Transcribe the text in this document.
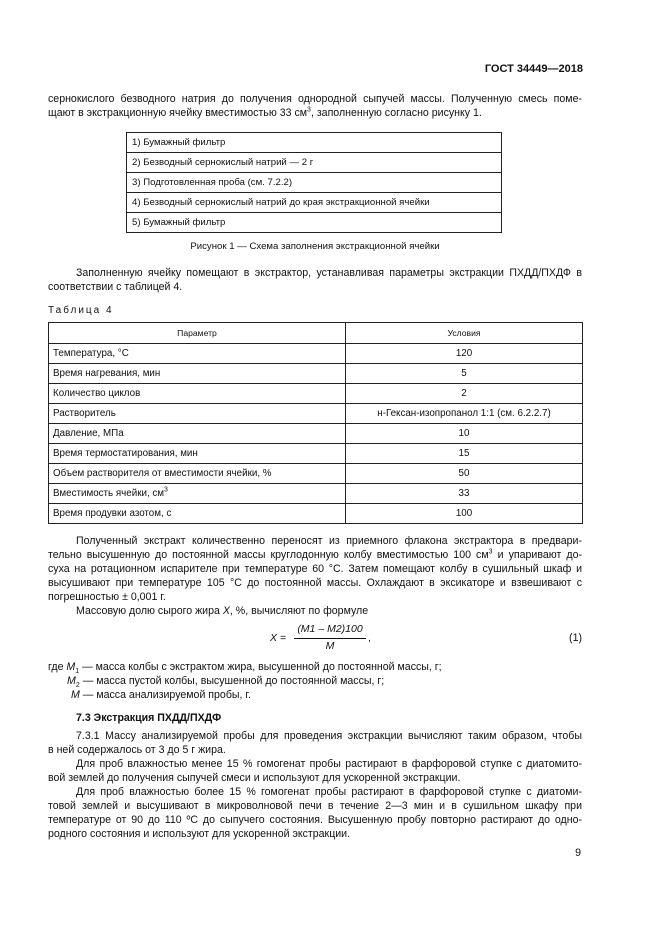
ГОСТ 34449—2018
сернокислого безводного натрия до получения однородной сыпучей массы. Полученную смесь поме-
щают в экстракционную ячейку вместимостью 33 $см^3$, заполненную согласно рисунку 1.
1) Бумажный фильтр
2) Безводный сернокислый натрий — 2 г
3) Подготовленная проба (см. 7.2.2)
4) Безводный сернокислый натрий до края экстракционной ячейки
5) Бумажный фильтр
Рисунок 1 — Схема заполнения экстракционной ячейки
Заполненную ячейку помещают в экстрактор, устанавливая параметры экстракции ПХДД/ПХДФ в
соответствии с таблицей 4.
Таблица 4
Параметр	Условия
Температура, °С	120
Время нагревания, мин	5
Количество циклов	2
Растворитель	н-Гексан-изопропанол 1:1 (см. 6.2.2.7)
Давление, МПа	10
Время термостатирования, мин	15
Объем растворителя от вместимости ячейки, %	50
Вместимость ячейки, $см^3$	33
Время продувки азотом, с	100
Полученный экстракт количественно переносят из приемного флакона экстрактора в предвари-
тельно высушенную до постоянной массы круглодонную колбу вместимостью 100 $см^3$ и упаривают до-
суха на ротационном испарителе при температуре 60 °С. Затем помещают колбу в сушильный шкаф и
высушивают при температуре 105 °С до постоянной массы. Охлаждают в эксикаторе и взвешивают с
погрешностью ± 0,001 г.
Массовую долю сырого жира X, %, вычисляют по формуле
X =
(M1 – M2)100
M
,	(1)
где $M_1$ — масса колбы с экстрактом жира, высушенной до постоянной массы, г;
$M_2$ — масса пустой колбы, высушенной до постоянной массы, г;
M — масса анализируемой пробы, г.
7.3 Экстракция ПХДД/ПХДФ
7.3.1 Массу анализируемой пробы для проведения экстракции вычисляют таким образом, чтобы
в ней содержалось от 3 до 5 г жира.
Для проб влажностью менее 15 % гомогенат пробы растирают в фарфоровой ступке с диатомито-
вой землей до получения сыпучей смеси и используют для ускоренной экстракции.
Для проб влажностью более 15 % гомогенат пробы растирают в фарфоровой ступке с диатоми-
товой землей и высушивают в микроволновой печи в течение 2—3 мин и в сушильном шкафу при
температуре от 90 до 110 ºС до сыпучего состояния. Высушенную пробу повторно растирают до одно-
родного состояния и используют для ускоренной экстракции.
9
